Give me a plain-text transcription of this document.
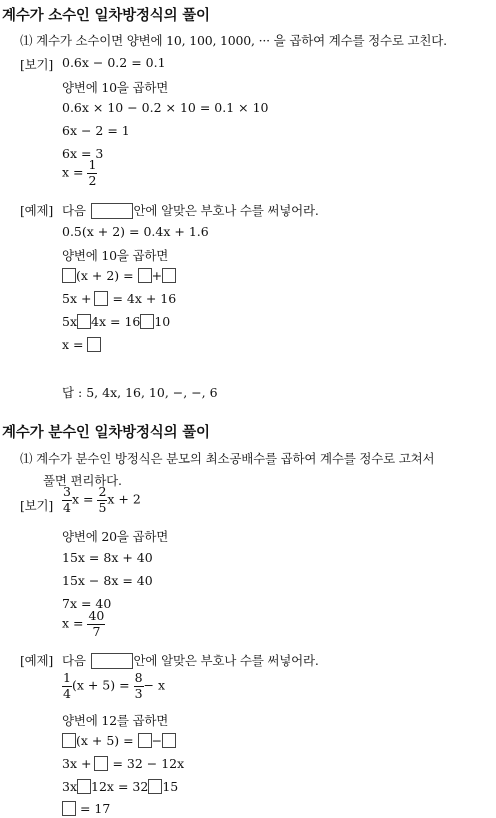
계수가 소수인 일차방정식의 풀이
⑴ 계수가 소수이면 양변에 10, 100, 1000, ··· 을 곱하여 계수를 정수로 고친다.
[보기] 0.6x − 0.2 = 0.1
양변에 10을 곱하면
0.6x × 10 − 0.2 × 10 = 0.1 × 10
6x − 2 = 1
6x = 3
$x = \frac{1}{2}$
[예제] 다음	안에 알맞은 부호나 수를 써넣어라.
0.5(x + 2) = 0.4x + 1.6
양변에 10을 곱하면
(x + 2) = +
5x + = 4x + 16
5x 4x = 16 10
x =
답 : 5, 4x, 16, 10, −, −, 6
계수가 분수인 일차방정식의 풀이
⑴ 계수가 분수인 방정식은 분모의 최소공배수를 곱하여 계수를 정수로 고쳐서
풀면 편리하다.
[보기] $\frac{3}{4}$ $x = \frac{2}{5}$ x + 2
양변에 20을 곱하면
15x = 8x + 40
15x − 8x = 40
7x = 40
$x = \frac{40}{7}$
[예제] 다음	안에 알맞은 부호나 수를 써넣어라.
$\frac{1}{4} (x + 5) = \frac{8}{3} - x$
양변에 12를 곱하면
(x + 5) = −
3x + = 32 − 12x
3x 12x = 32 15
= 17
